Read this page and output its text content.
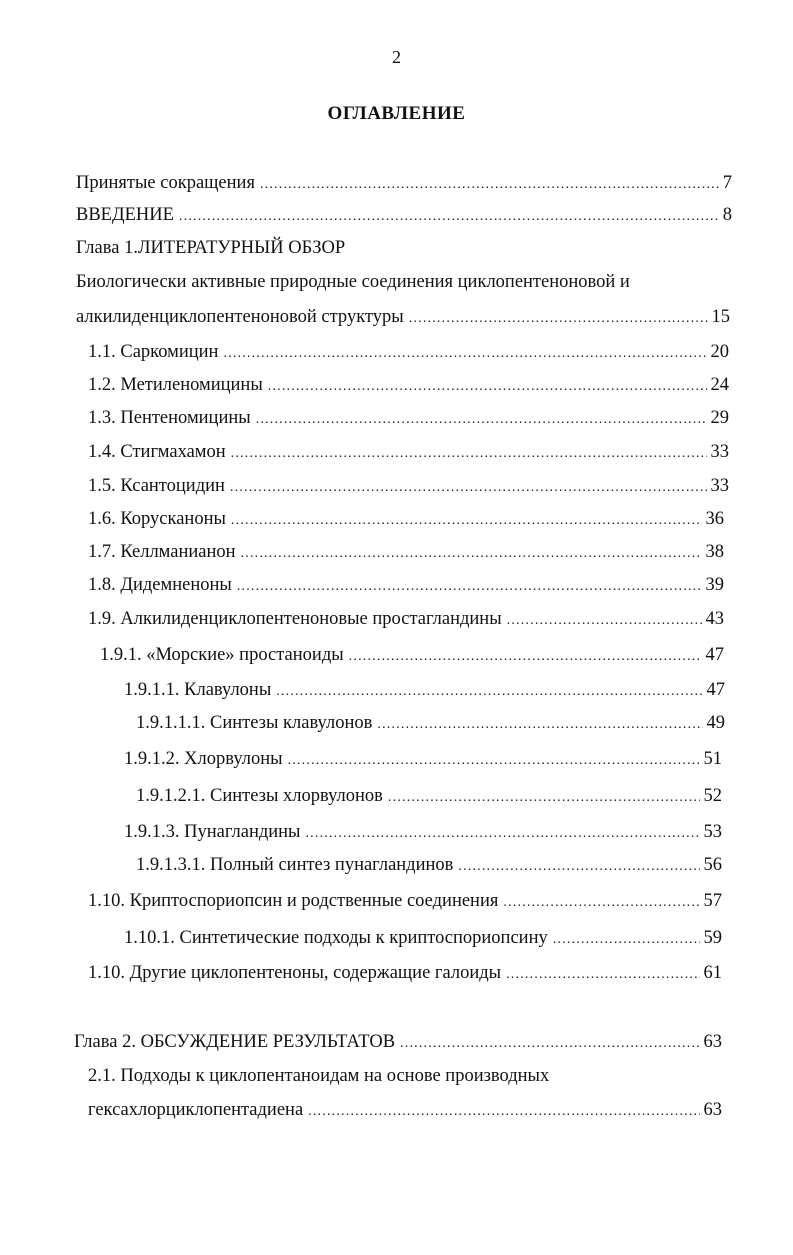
2
ОГЛАВЛЕНИЕ
Принятые сокращения .....	7
ВВЕДЕНИЕ .....	8
Глава 1.ЛИТЕРАТУРНЫЙ ОБЗОР
Биологически активные природные соединения циклопентеноновой и
алкилиденциклопентеноновой структуры .....	15
1.1. Саркомицин .....	20
1.2. Метиленомицины .....	24
1.3. Пентеномицины .....	29
1.4. Стигмахамон .....	33
1.5. Ксантоцидин .....	33
1.6. Корусканоны .....	36
1.7. Келлманианон .....	38
1.8. Дидемненоны .....	39
1.9. Алкилиденциклопентеноновые простагландины .....	43
1.9.1. «Морские» простаноиды .....	47
1.9.1.1. Клавулоны .....	47
1.9.1.1.1. Синтезы клавулонов .....	49
1.9.1.2. Хлорвулоны .....	51
1.9.1.2.1. Синтезы хлорвулонов .....	52
1.9.1.3. Пунагландины .....	53
1.9.1.3.1. Полный синтез пунагландинов .....	56
1.10. Криптоспориопсин и родственные соединения .....	57
1.10.1. Синтетические подходы к криптоспориопсину .....	59
1.10. Другие циклопентеноны, содержащие галоиды .....	61
Глава 2. ОБСУЖДЕНИЕ РЕЗУЛЬТАТОВ .....	63
2.1. Подходы к циклопентаноидам на основе производных
гексахлорциклопентадиена .....	63
